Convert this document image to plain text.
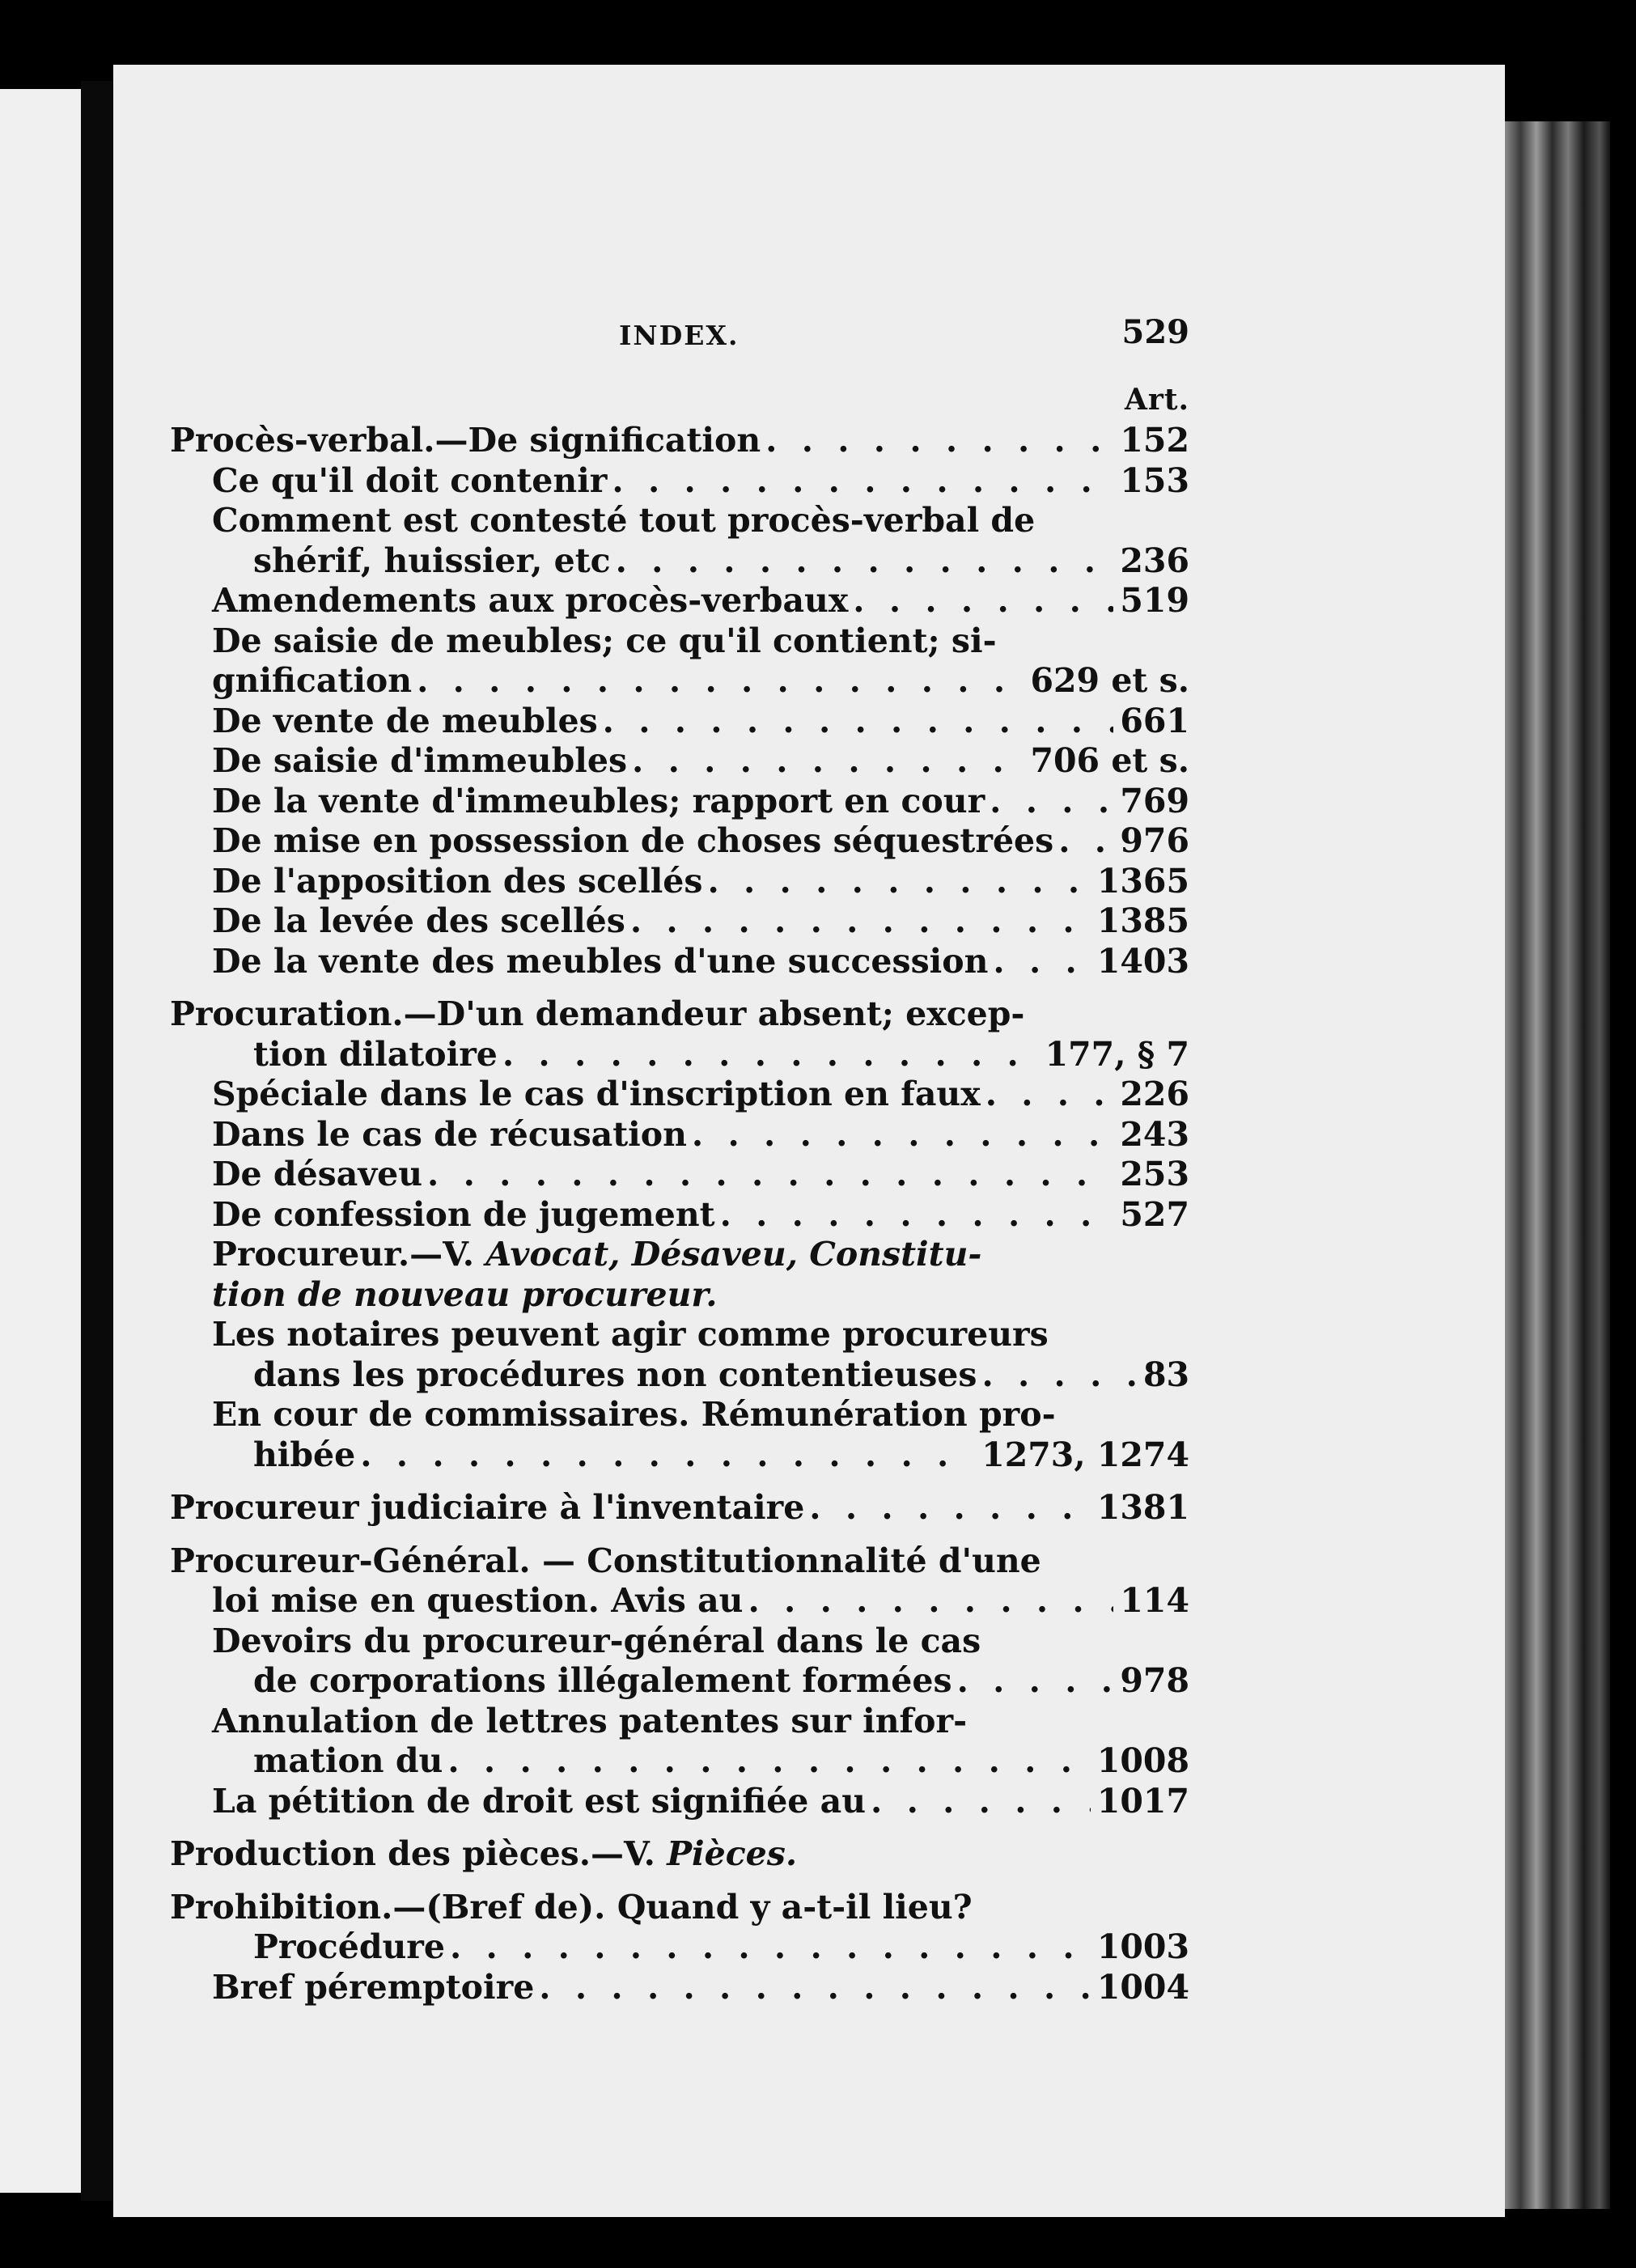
INDEX.	529
Art.
Procès-verbal.—De signification . . .	152
Ce qu'il doit contenir . . .	153
Comment est contesté tout procès-verbal de
shérif, huissier, etc . . .	236
Amendements aux procès-verbaux . . .	519
De saisie de meubles; ce qu'il contient; si-
gnification . . .	629 et s.
De vente de meubles . . .	661
De saisie d'immeubles . . .	706 et s.
De la vente d'immeubles; rapport en cour . . .	769
De mise en possession de choses séquestrées . . . 976
De l'apposition des scellés . . .	1365
De la levée des scellés . . .	1385
De la vente des meubles d'une succession . . .	1403
Procuration.—D'un demandeur absent; excep-
tion dilatoire . . .	177, § 7
Spéciale dans le cas d'inscription en faux . . .	226
Dans le cas de récusation . . .	243
De désaveu . . .	253
De confession de jugement . . .	527
Procureur.—V. Avocat, Désaveu, Constitu-
tion de nouveau procureur.
Les notaires peuvent agir comme procureurs
dans les procédures non contentieuses . . .	83
En cour de commissaires. Rémunération pro-
hibée . . .	1273, 1274
Procureur judiciaire à l'inventaire . . .	1381
Procureur-Général. — Constitutionnalité d'une
loi mise en question. Avis au . . .	114
Devoirs du procureur-général dans le cas
de corporations illégalement formées . . .	978
Annulation de lettres patentes sur infor-
mation du . . .	1008
La pétition de droit est signifiée au . . .	1017
Production des pièces.—V. Pièces.
Prohibition.—(Bref de). Quand y a-t-il lieu?
Procédure . . .	1003
Bref péremptoire . . .	1004
